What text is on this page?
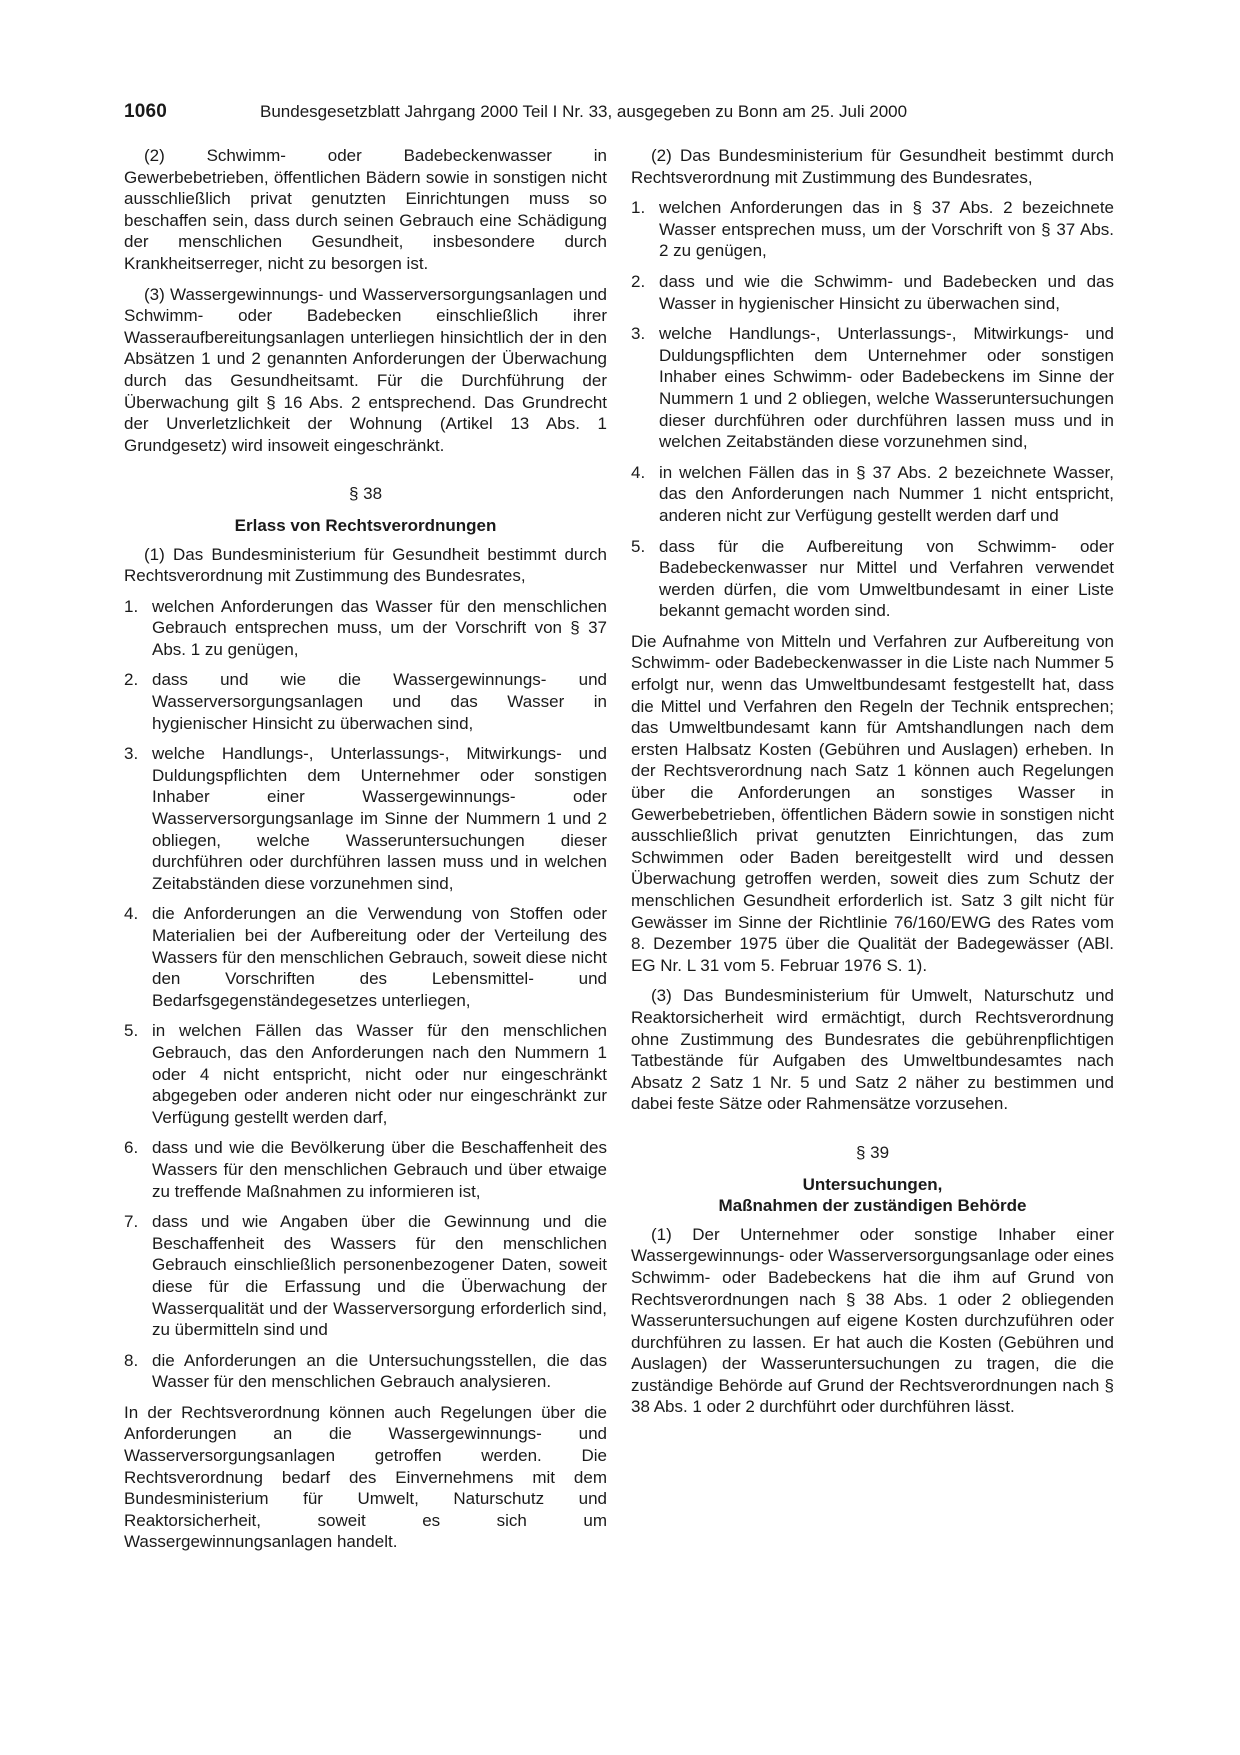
1060	Bundesgesetzblatt Jahrgang 2000 Teil I Nr. 33, ausgegeben zu Bonn am 25. Juli 2000

(2) Schwimm- oder Badebeckenwasser in Gewerbebetrieben, öffentlichen Bädern sowie in sonstigen nicht ausschließlich privat genutzten Einrichtungen muss so beschaffen sein, dass durch seinen Gebrauch eine Schädigung der menschlichen Gesundheit, insbesondere durch Krankheitserreger, nicht zu besorgen ist.

(3) Wassergewinnungs- und Wasserversorgungsanlagen und Schwimm- oder Badebecken einschließlich ihrer Wasseraufbereitungsanlagen unterliegen hinsichtlich der in den Absätzen 1 und 2 genannten Anforderungen der Überwachung durch das Gesundheitsamt. Für die Durchführung der Überwachung gilt § 16 Abs. 2 entsprechend. Das Grundrecht der Unverletzlichkeit der Wohnung (Artikel 13 Abs. 1 Grundgesetz) wird insoweit eingeschränkt.

§ 38
Erlass von Rechtsverordnungen

(1) Das Bundesministerium für Gesundheit bestimmt durch Rechtsverordnung mit Zustimmung des Bundesrates,

1. welchen Anforderungen das Wasser für den menschlichen Gebrauch entsprechen muss, um der Vorschrift von § 37 Abs. 1 zu genügen,
2. dass und wie die Wassergewinnungs- und Wasserversorgungsanlagen und das Wasser in hygienischer Hinsicht zu überwachen sind,
3. welche Handlungs-, Unterlassungs-, Mitwirkungs- und Duldungspflichten dem Unternehmer oder sonstigen Inhaber einer Wassergewinnungs- oder Wasserversorgungsanlage im Sinne der Nummern 1 und 2 obliegen, welche Wasseruntersuchungen dieser durchführen oder durchführen lassen muss und in welchen Zeitabständen diese vorzunehmen sind,
4. die Anforderungen an die Verwendung von Stoffen oder Materialien bei der Aufbereitung oder der Verteilung des Wassers für den menschlichen Gebrauch, soweit diese nicht den Vorschriften des Lebensmittel- und Bedarfsgegenständegesetzes unterliegen,
5. in welchen Fällen das Wasser für den menschlichen Gebrauch, das den Anforderungen nach den Nummern 1 oder 4 nicht entspricht, nicht oder nur eingeschränkt abgegeben oder anderen nicht oder nur eingeschränkt zur Verfügung gestellt werden darf,
6. dass und wie die Bevölkerung über die Beschaffenheit des Wassers für den menschlichen Gebrauch und über etwaige zu treffende Maßnahmen zu informieren ist,
7. dass und wie Angaben über die Gewinnung und die Beschaffenheit des Wassers für den menschlichen Gebrauch einschließlich personenbezogener Daten, soweit diese für die Erfassung und die Überwachung der Wasserqualität und der Wasserversorgung erforderlich sind, zu übermitteln sind und
8. die Anforderungen an die Untersuchungsstellen, die das Wasser für den menschlichen Gebrauch analysieren.

In der Rechtsverordnung können auch Regelungen über die Anforderungen an die Wassergewinnungs- und Wasserversorgungsanlagen getroffen werden. Die Rechtsverordnung bedarf des Einvernehmens mit dem Bundesministerium für Umwelt, Naturschutz und Reaktorsicherheit, soweit es sich um Wassergewinnungsanlagen handelt.

(2) Das Bundesministerium für Gesundheit bestimmt durch Rechtsverordnung mit Zustimmung des Bundesrates,

1. welchen Anforderungen das in § 37 Abs. 2 bezeichnete Wasser entsprechen muss, um der Vorschrift von § 37 Abs. 2 zu genügen,
2. dass und wie die Schwimm- und Badebecken und das Wasser in hygienischer Hinsicht zu überwachen sind,
3. welche Handlungs-, Unterlassungs-, Mitwirkungs- und Duldungspflichten dem Unternehmer oder sonstigen Inhaber eines Schwimm- oder Badebeckens im Sinne der Nummern 1 und 2 obliegen, welche Wasseruntersuchungen dieser durchführen oder durchführen lassen muss und in welchen Zeitabständen diese vorzunehmen sind,
4. in welchen Fällen das in § 37 Abs. 2 bezeichnete Wasser, das den Anforderungen nach Nummer 1 nicht entspricht, anderen nicht zur Verfügung gestellt werden darf und
5. dass für die Aufbereitung von Schwimm- oder Badebeckenwasser nur Mittel und Verfahren verwendet werden dürfen, die vom Umweltbundesamt in einer Liste bekannt gemacht worden sind.

Die Aufnahme von Mitteln und Verfahren zur Aufbereitung von Schwimm- oder Badebeckenwasser in die Liste nach Nummer 5 erfolgt nur, wenn das Umweltbundesamt festgestellt hat, dass die Mittel und Verfahren den Regeln der Technik entsprechen; das Umweltbundesamt kann für Amtshandlungen nach dem ersten Halbsatz Kosten (Gebühren und Auslagen) erheben. In der Rechtsverordnung nach Satz 1 können auch Regelungen über die Anforderungen an sonstiges Wasser in Gewerbebetrieben, öffentlichen Bädern sowie in sonstigen nicht ausschließlich privat genutzten Einrichtungen, das zum Schwimmen oder Baden bereitgestellt wird und dessen Überwachung getroffen werden, soweit dies zum Schutz der menschlichen Gesundheit erforderlich ist. Satz 3 gilt nicht für Gewässer im Sinne der Richtlinie 76/160/EWG des Rates vom 8. Dezember 1975 über die Qualität der Badegewässer (ABl. EG Nr. L 31 vom 5. Februar 1976 S. 1).

(3) Das Bundesministerium für Umwelt, Naturschutz und Reaktorsicherheit wird ermächtigt, durch Rechtsverordnung ohne Zustimmung des Bundesrates die gebührenpflichtigen Tatbestände für Aufgaben des Umweltbundesamtes nach Absatz 2 Satz 1 Nr. 5 und Satz 2 näher zu bestimmen und dabei feste Sätze oder Rahmensätze vorzusehen.

§ 39
Untersuchungen,
Maßnahmen der zuständigen Behörde

(1) Der Unternehmer oder sonstige Inhaber einer Wassergewinnungs- oder Wasserversorgungsanlage oder eines Schwimm- oder Badebeckens hat die ihm auf Grund von Rechtsverordnungen nach § 38 Abs. 1 oder 2 obliegenden Wasseruntersuchungen auf eigene Kosten durchzuführen oder durchführen zu lassen. Er hat auch die Kosten (Gebühren und Auslagen) der Wasseruntersuchungen zu tragen, die die zuständige Behörde auf Grund der Rechtsverordnungen nach § 38 Abs. 1 oder 2 durchführt oder durchführen lässt.
